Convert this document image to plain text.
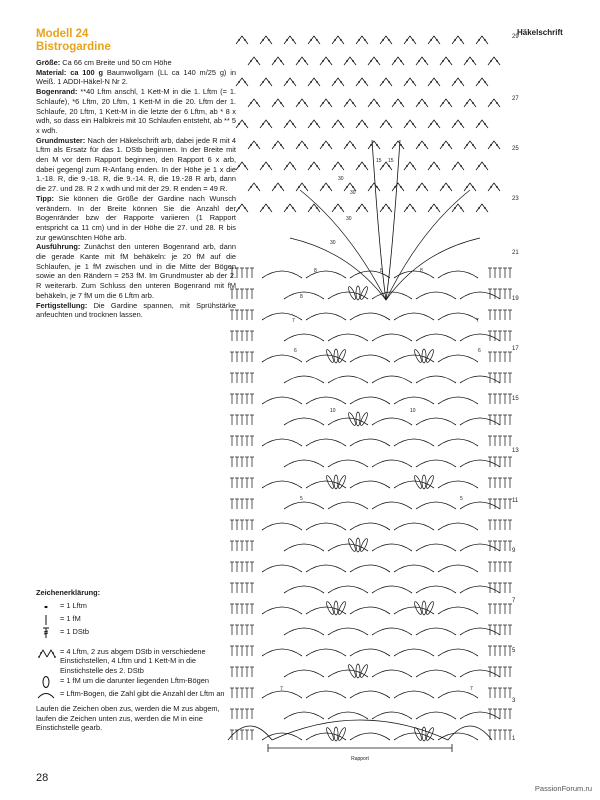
Modell 24
Bistrogardine

Größe: Ca 66 cm Breite und 50 cm Höhe

Material: ca 100 g Baumwollgarn (LL ca 140 m/25 g) in Weiß. 1 ADDI-Häkel-N Nr 2.

Bogenrand: **40 Lftm anschl, 1 Kett-M in die 1. Lftm (= 1. Schlaufe), *6 Lftm, 20 Lftm, 1 Kett-M in die 20. Lftm der 1. Schlaufe, 20 Lftm, 1 Kett-M in die letzte der 6 Lftm, ab * 8 x wdh, so dass ein Halbkreis mit 10 Schlaufen entsteht, ab ** 5 x wdh.

Grundmuster: Nach der Häkelschrift arb, dabei jede R mit 4 Lftm als Ersatz für das 1. DStb beginnen. In der Breite mit den M vor dem Rapport beginnen, den Rapport 6 x arb, dabei gegengl zum R-Anfang enden. In der Höhe je 1 x die 1.-18. R, die 9.-18. R, die 9.-14. R, die 19.-28 R arb, dann die 27. und 28. R 2 x wdh und mit der 29. R enden = 49 R.

Tipp: Sie können die Größe der Gardine nach Wunsch verändern. In der Breite können Sie die Anzahl der Bogenränder bzw der Rapporte variieren (1 Rapport entspricht ca 11 cm) und in der Höhe die 27. und 28. R bis zur gewünschten Höhe arb.

Ausführung: Zunächst den unteren Bogenrand arb, dann die gerade Kante mit fM behäkeln: je 20 fM auf die Schlaufen, je 1 fM zwischen und in die Mitte der Bögen sowie an den Rändern = 253 fM. Im Grundmuster ab der 2. R weiterarb. Zum Schluss den unteren Bogenrand mit fM behäkeln, je 7 fM um die 6 Lftm arb.

Fertigstellung: Die Gardine spannen, mit Sprühstärke anfeuchten und trocknen lassen.

Zeichenerklärung:
= 1 Lftm
= 1 fM
= 1 DStb
= 4 Lftm, 2 zus abgem DStb in verschiedene Einstichstellen, 4 Lftm und 1 Kett-M in die Einstichstelle des 2. DStb
= 1 fM um die darunter liegenden Lftm-Bögen
= Lftm-Bogen, die Zahl gibt die Anzahl der Lftm an
Laufen die Zeichen oben zus, werden die M zus abgem, laufen die Zeichen unten zus, werden die M in eine Einstichstelle gearb.
28
PassionForum.ru
Häkelschrift
29
27
25
23
21
19
17
15
13
11
9
7
5
3
1
15 15
30
30
30
30
8	8	8
8
7	7
6	6
10	10
5	5
7	7
Rapport
